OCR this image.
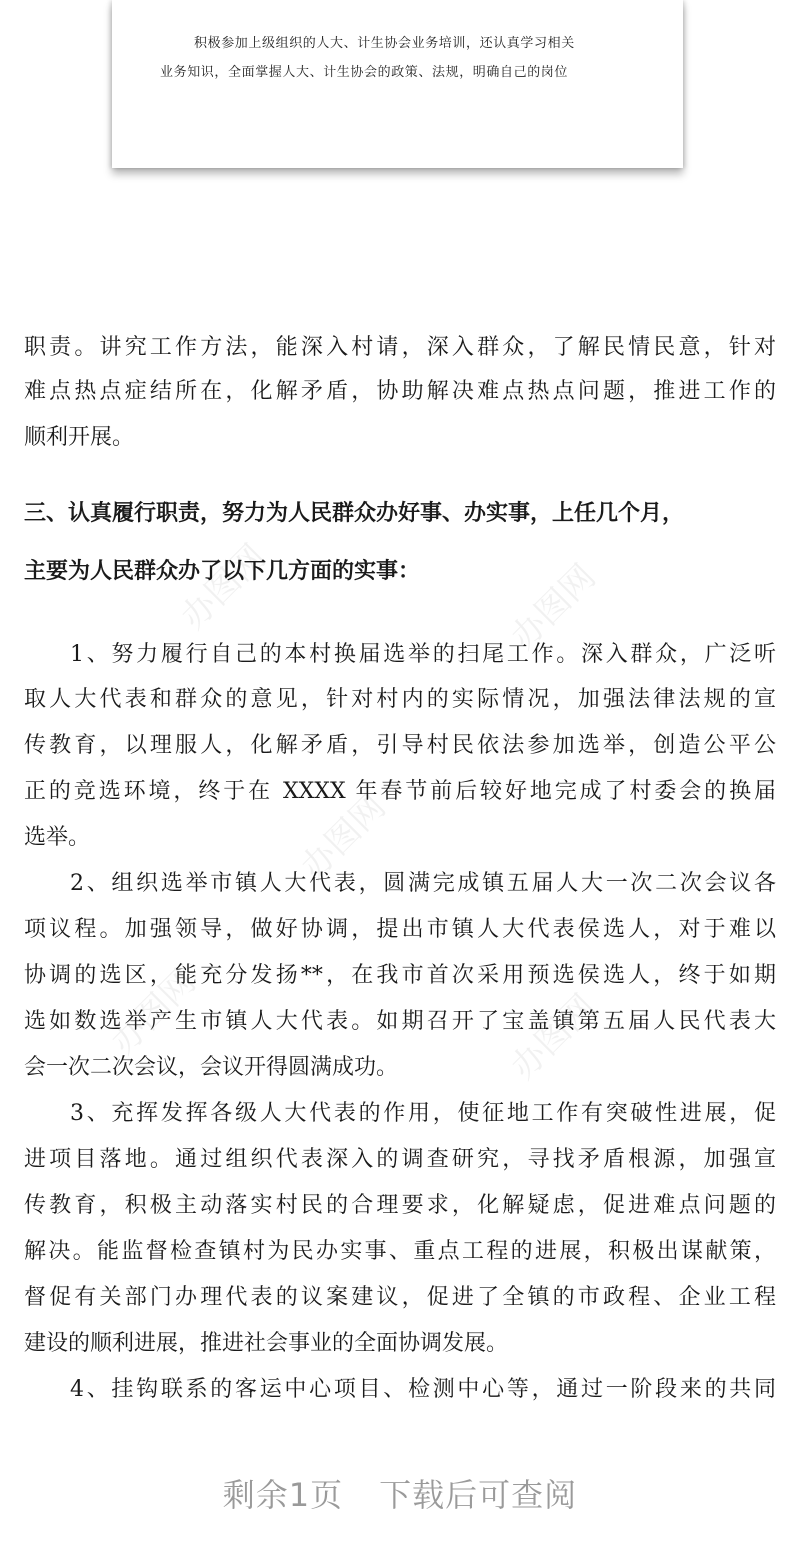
积极参加上级组织的人大、计生协会业务培训，还认真学习相关
业务知识，全面掌握人大、计生协会的政策、法规，明确自己的岗位
办图网	办图网
办图网
办图网	办图网
职责。讲究工作方法，能深入村请，深入群众，了解民情民意，针对
难点热点症结所在，化解矛盾，协助解决难点热点问题，推进工作的
顺利开展。
三、认真履行职责，努力为人民群众办好事、办实事，上任几个月，
主要为人民群众办了以下几方面的实事：
1、努力履行自己的本村换届选举的扫尾工作。深入群众，广泛听
取人大代表和群众的意见，针对村内的实际情况，加强法律法规的宣
传教育，以理服人，化解矛盾，引导村民依法参加选举，创造公平公
正的竞选环境，终于在 XXXX 年春节前后较好地完成了村委会的换届
选举。
2、组织选举市镇人大代表，圆满完成镇五届人大一次二次会议各
项议程。加强领导，做好协调，提出市镇人大代表侯选人，对于难以
协调的选区，能充分发扬**，在我市首次采用预选侯选人，终于如期
选如数选举产生市镇人大代表。如期召开了宝盖镇第五届人民代表大
会一次二次会议，会议开得圆满成功。
3、充挥发挥各级人大代表的作用，使征地工作有突破性进展，促
进项目落地。通过组织代表深入的调查研究，寻找矛盾根源，加强宣
传教育，积极主动落实村民的合理要求，化解疑虑，促进难点问题的
解决。能监督检查镇村为民办实事、重点工程的进展，积极出谋献策，
督促有关部门办理代表的议案建议，促进了全镇的市政程、企业工程
建设的顺利进展，推进社会事业的全面协调发展。
4、挂钩联系的客运中心项目、检测中心等，通过一阶段来的共同
剩余1页 下载后可查阅
